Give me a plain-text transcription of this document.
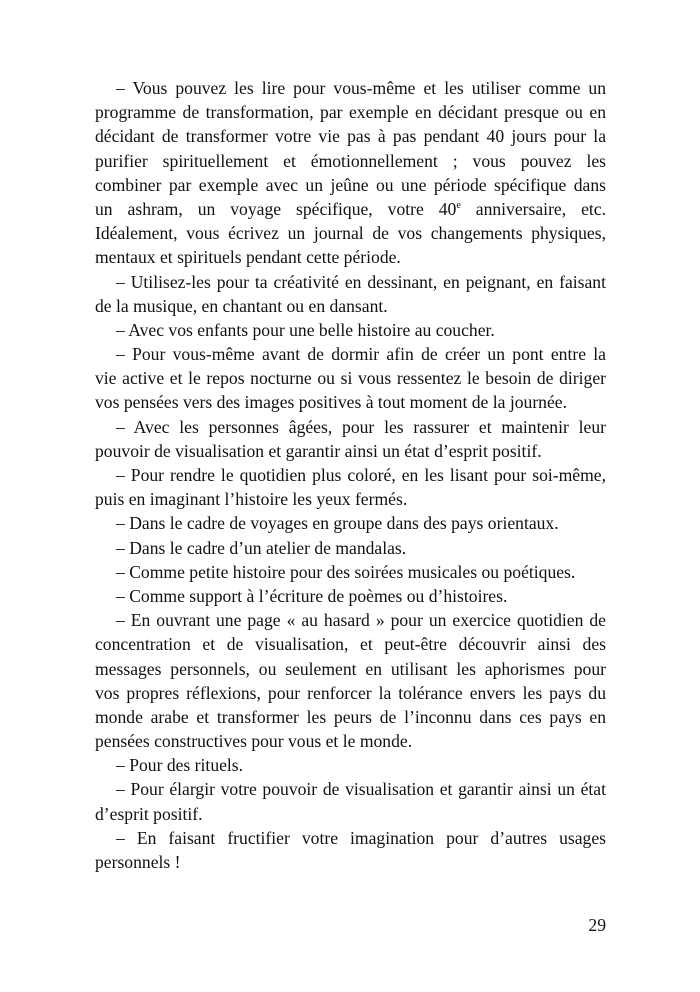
– Vous pouvez les lire pour vous-même et les utiliser comme un
programme de transformation, par exemple en décidant presque ou en
décidant de transformer votre vie pas à pas pendant 40 jours pour la
purifier spirituellement et émotionnellement ; vous pouvez les
combiner par exemple avec un jeûne ou une période spécifique dans
un ashram, un voyage spécifique, votre 40e anniversaire, etc.
Idéalement, vous écrivez un journal de vos changements physiques,
mentaux et spirituels pendant cette période.
– Utilisez-les pour ta créativité en dessinant, en peignant, en faisant
de la musique, en chantant ou en dansant.
– Avec vos enfants pour une belle histoire au coucher.
– Pour vous-même avant de dormir afin de créer un pont entre la
vie active et le repos nocturne ou si vous ressentez le besoin de diriger
vos pensées vers des images positives à tout moment de la journée.
– Avec les personnes âgées, pour les rassurer et maintenir leur
pouvoir de visualisation et garantir ainsi un état d’esprit positif.
– Pour rendre le quotidien plus coloré, en les lisant pour soi-même,
puis en imaginant l’histoire les yeux fermés.
– Dans le cadre de voyages en groupe dans des pays orientaux.
– Dans le cadre d’un atelier de mandalas.
– Comme petite histoire pour des soirées musicales ou poétiques.
– Comme support à l’écriture de poèmes ou d’histoires.
– En ouvrant une page « au hasard » pour un exercice quotidien de
concentration et de visualisation, et peut-être découvrir ainsi des
messages personnels, ou seulement en utilisant les aphorismes pour
vos propres réflexions, pour renforcer la tolérance envers les pays du
monde arabe et transformer les peurs de l’inconnu dans ces pays en
pensées constructives pour vous et le monde.
– Pour des rituels.
– Pour élargir votre pouvoir de visualisation et garantir ainsi un état
d’esprit positif.
– En faisant fructifier votre imagination pour d’autres usages
personnels !
29
